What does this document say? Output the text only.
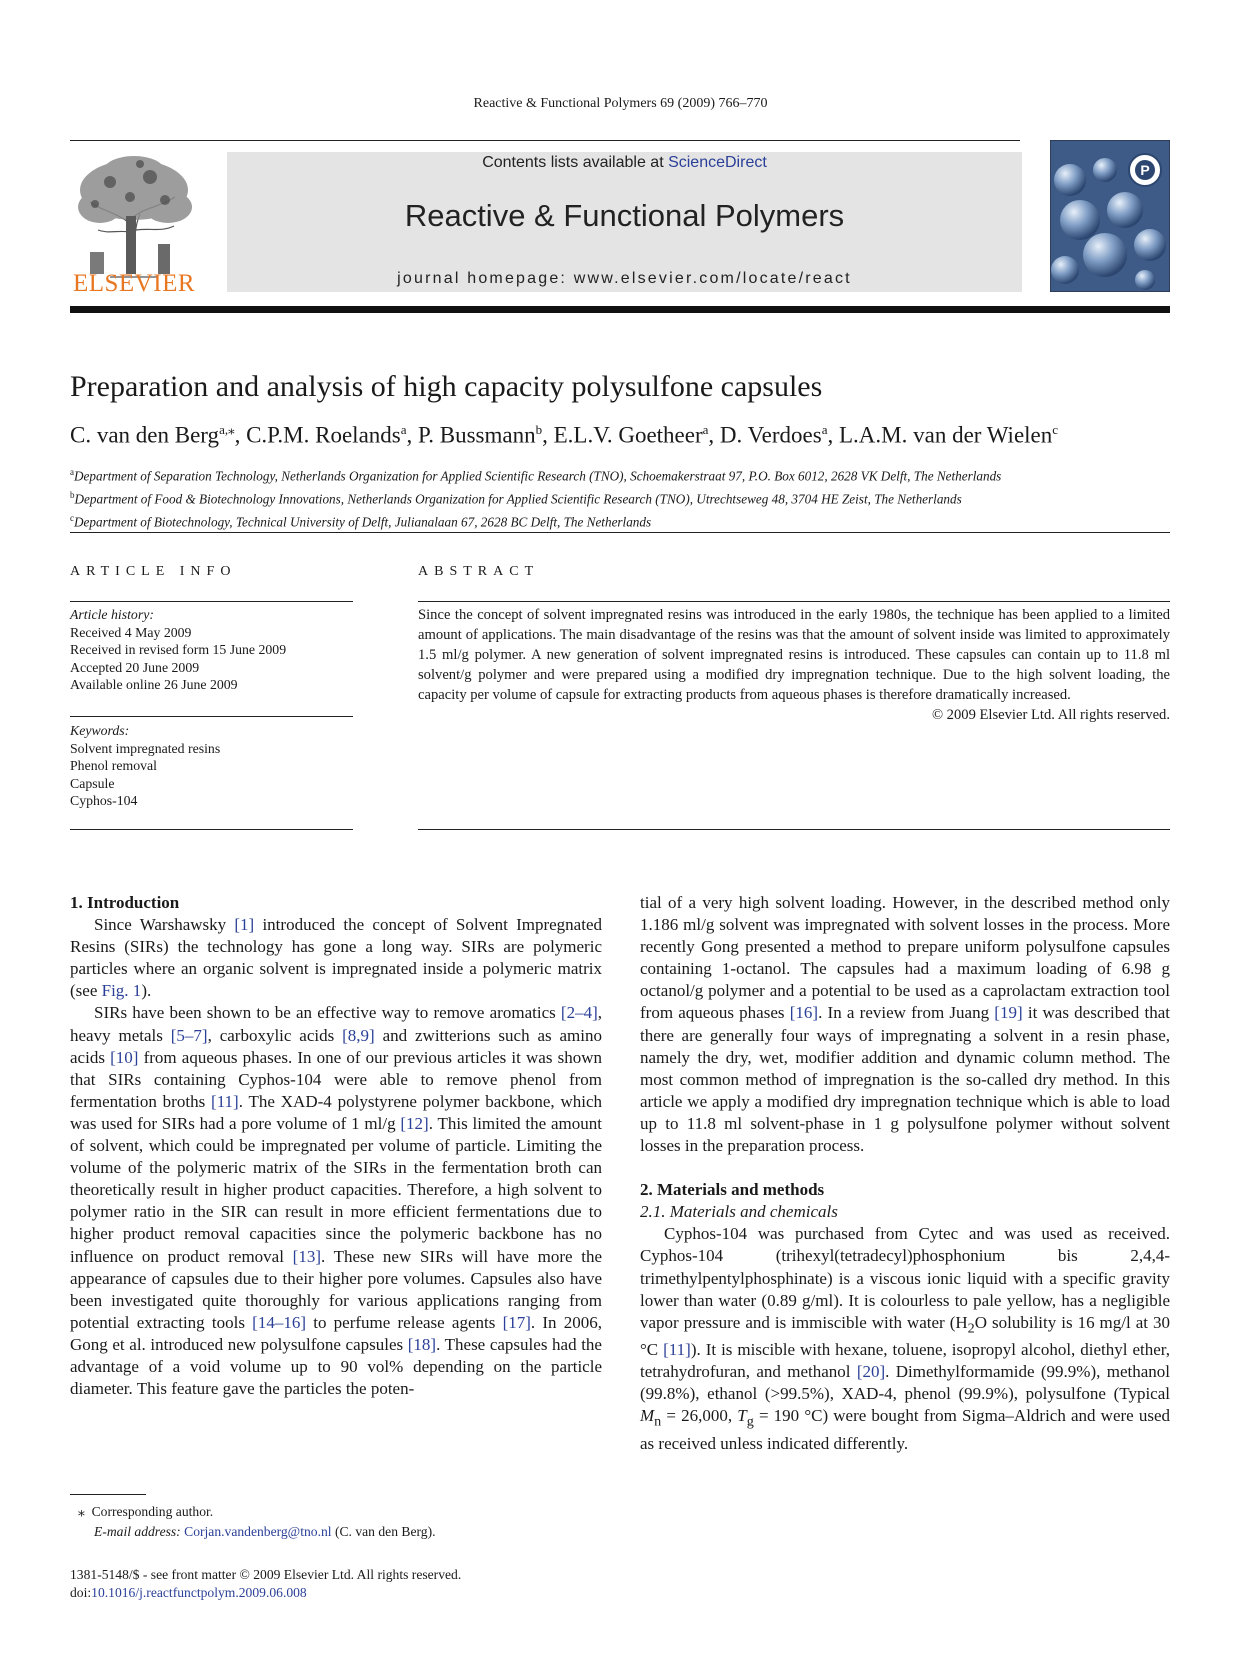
Reactive & Functional Polymers 69 (2009) 766–770
ELSEVIER
Contents lists available at ScienceDirect
Reactive & Functional Polymers
journal homepage: www.elsevier.com/locate/react
P
Preparation and analysis of high capacity polysulfone capsules
C. van den Berg$^{a,⁎}$, C.P.M. Roelands$^a$, P. Bussmann$^b$, E.L.V. Goetheer$^a$, D. Verdoes$^a$, L.A.M. van der Wielen$^c$
$^a$Department of Separation Technology, Netherlands Organization for Applied Scientific Research (TNO), Schoemakerstraat 97, P.O. Box 6012, 2628 VK Delft, The Netherlands
$^b$Department of Food & Biotechnology Innovations, Netherlands Organization for Applied Scientific Research (TNO), Utrechtseweg 48, 3704 HE Zeist, The Netherlands
$^c$Department of Biotechnology, Technical University of Delft, Julianalaan 67, 2628 BC Delft, The Netherlands
ARTICLE INFO
Article history:
Received 4 May 2009
Received in revised form 15 June 2009
Accepted 20 June 2009
Available online 26 June 2009
Keywords:
Solvent impregnated resins
Phenol removal
Capsule
Cyphos-104
ABSTRACT
Since the concept of solvent impregnated resins was introduced in the early 1980s, the technique has been applied to a limited amount of applications. The main disadvantage of the resins was that the amount of solvent inside was limited to approximately 1.5 ml/g polymer. A new generation of solvent impregnated resins is introduced. These capsules can contain up to 11.8 ml solvent/g polymer and were prepared using a modified dry impregnation technique. Due to the high solvent loading, the capacity per volume of capsule for extracting products from aqueous phases is therefore dramatically increased.
© 2009 Elsevier Ltd. All rights reserved.

1. Introduction

Since Warshawsky [1] introduced the concept of Solvent Impregnated Resins (SIRs) the technology has gone a long way. SIRs are polymeric particles where an organic solvent is impregnated inside a polymeric matrix (see Fig. 1).

SIRs have been shown to be an effective way to remove aromatics [2–4], heavy metals [5–7], carboxylic acids [8,9] and zwitterions such as amino acids [10] from aqueous phases. In one of our previous articles it was shown that SIRs containing Cyphos-104 were able to remove phenol from fermentation broths [11]. The XAD-4 polystyrene polymer backbone, which was used for SIRs had a pore volume of 1 ml/g [12]. This limited the amount of solvent, which could be impregnated per volume of particle. Limiting the volume of the polymeric matrix of the SIRs in the fermentation broth can theoretically result in higher product capacities. Therefore, a high solvent to polymer ratio in the SIR can result in more efficient fermentations due to higher product removal capacities since the polymeric backbone has no influence on product removal [13]. These new SIRs will have more the appearance of capsules due to their higher pore volumes. Capsules also have been investigated quite thoroughly for various applications ranging from potential extracting tools [14–16] to perfume release agents [17]. In 2006, Gong et al. introduced new polysulfone capsules [18]. These capsules had the advantage of a void volume up to 90 vol% depending on the particle diameter. This feature gave the particles the poten-

tial of a very high solvent loading. However, in the described method only 1.186 ml/g solvent was impregnated with solvent losses in the process. More recently Gong presented a method to prepare uniform polysulfone capsules containing 1-octanol. The capsules had a maximum loading of 6.98 g octanol/g polymer and a potential to be used as a caprolactam extraction tool from aqueous phases [16]. In a review from Juang [19] it was described that there are generally four ways of impregnating a solvent in a resin phase, namely the dry, wet, modifier addition and dynamic column method. The most common method of impregnation is the so-called dry method. In this article we apply a modified dry impregnation technique which is able to load up to 11.8 ml solvent-phase in 1 g polysulfone polymer without solvent losses in the preparation process.

2. Materials and methods

2.1. Materials and chemicals

Cyphos-104 was purchased from Cytec and was used as received. Cyphos-104 (trihexyl(tetradecyl)phosphonium bis 2,4,4-trimethylpentylphosphinate) is a viscous ionic liquid with a specific gravity lower than water (0.89 g/ml). It is colourless to pale yellow, has a negligible vapor pressure and is immiscible with water ($H_2O$ solubility is 16 mg/l at 30 °C [11]). It is miscible with hexane, toluene, isopropyl alcohol, diethyl ether, tetrahydrofuran, and methanol [20]. Dimethylformamide (99.9%), methanol (99.8%), ethanol (>99.5%), XAD-4, phenol (99.9%), polysulfone (Typical $M_n = 26,000$, $T_g = 190$ °C) were bought from Sigma–Aldrich and were used as received unless indicated differently.

⁎ Corresponding author.
E-mail address: Corjan.vandenberg@tno.nl (C. van den Berg).
1381-5148/$ - see front matter © 2009 Elsevier Ltd. All rights reserved.
doi:10.1016/j.reactfunctpolym.2009.06.008
